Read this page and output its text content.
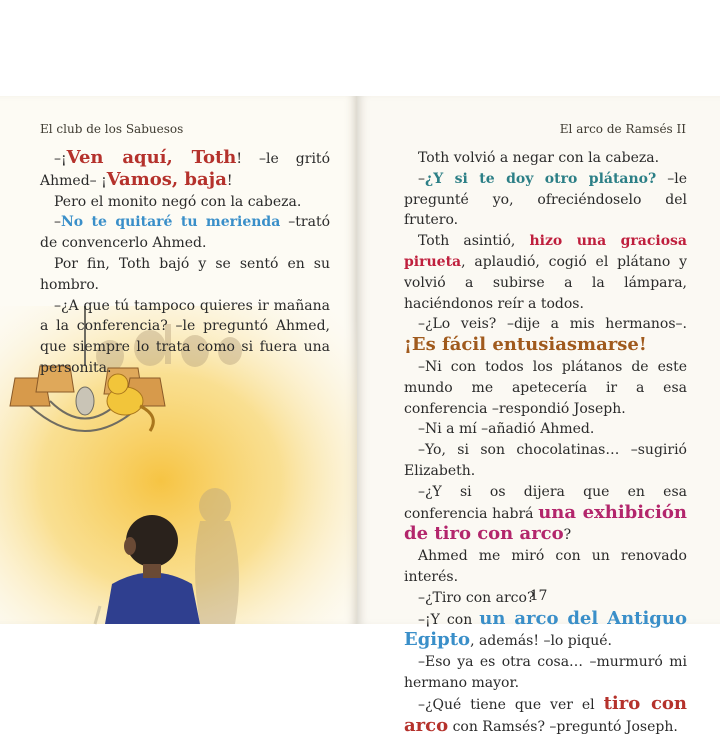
El club de los Sabuesos

–¡Ven aquí, Toth! –le gritó Ahmed– ¡Vamos, baja!

Pero el monito negó con la cabeza.

–No te quitaré tu merienda –trató de convencerlo Ahmed.

Por fin, Toth bajó y se sentó en su hombro.

–¿A que tú tampoco quieres ir mañana a la conferencia? –le preguntó Ahmed, que siempre lo trata como si fuera una personita.

El arco de Ramsés II

Toth volvió a negar con la cabeza.

–¿Y si te doy otro plátano? –le pregunté yo, ofreciéndoselo del frutero.

Toth asintió, hizo una graciosa pirueta, aplaudió, cogió el plátano y volvió a subirse a la lámpara, haciéndonos reír a todos.

–¿Lo veis? –dije a mis hermanos–. ¡Es fácil entusiasmarse!

–Ni con todos los plátanos de este mundo me apetecería ir a esa conferencia –respondió Joseph.

–Ni a mí –añadió Ahmed.

–Yo, si son chocolatinas… –sugirió Elizabeth.

–¿Y si os dijera que en esa conferencia habrá una exhibición de tiro con arco?

Ahmed me miró con un renovado interés.

–¿Tiro con arco?

–¡Y con un arco del Antiguo Egipto, además! –lo piqué.

–Eso ya es otra cosa… –murmuró mi hermano mayor.

–¿Qué tiene que ver el tiro con arco con Ramsés? –preguntó Joseph.

17
